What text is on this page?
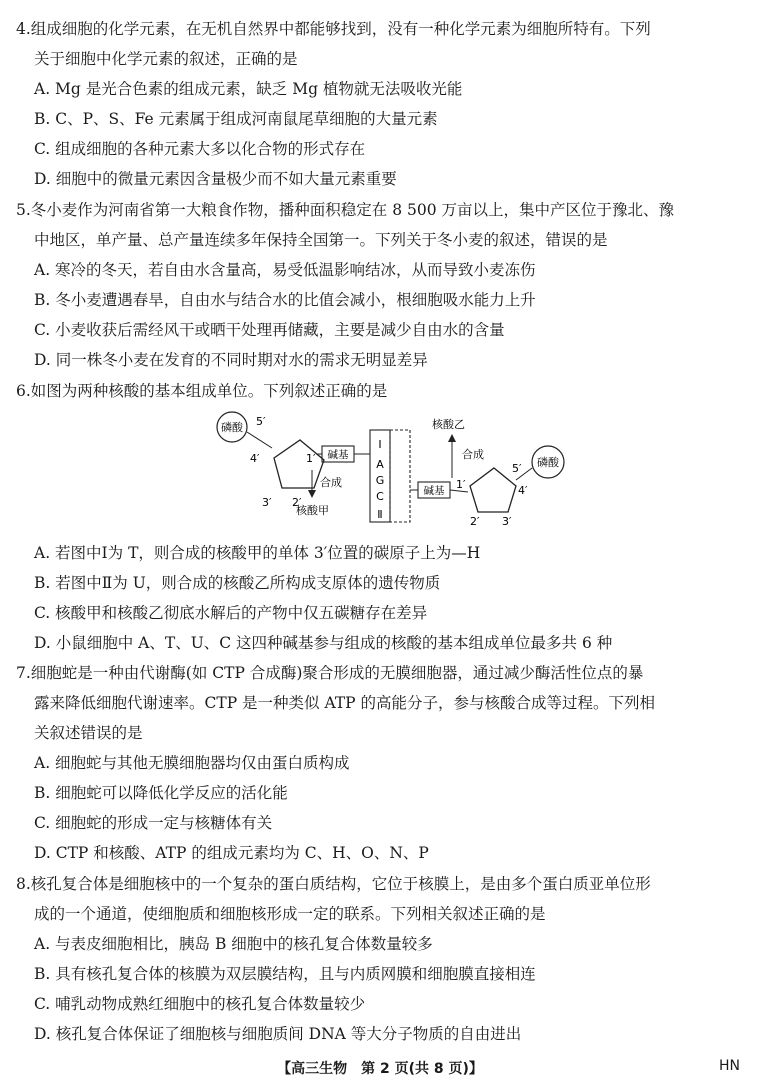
4.组成细胞的化学元素，在无机自然界中都能够找到，没有一种化学元素为细胞所特有。下列
关于细胞中化学元素的叙述，正确的是
A. Mg 是光合色素的组成元素，缺乏 Mg 植物就无法吸收光能
B. C、P、S、Fe 元素属于组成河南鼠尾草细胞的大量元素
C. 组成细胞的各种元素大多以化合物的形式存在
D. 细胞中的微量元素因含量极少而不如大量元素重要
5.冬小麦作为河南省第一大粮食作物，播种面积稳定在 8 500 万亩以上，集中产区位于豫北、豫
中地区，单产量、总产量连续多年保持全国第一。下列关于冬小麦的叙述，错误的是
A. 寒冷的冬天，若自由水含量高，易受低温影响结冰，从而导致小麦冻伤
B. 冬小麦遭遇春旱，自由水与结合水的比值会减小，根细胞吸水能力上升
C. 小麦收获后需经风干或晒干处理再储藏，主要是减少自由水的含量
D. 同一株冬小麦在发育的不同时期对水的需求无明显差异
6.如图为两种核酸的基本组成单位。下列叙述正确的是
磷酸 5′
4′
3′ 2′
1′ 碱基
合成
核酸甲
Ⅰ
A
G
C
Ⅱ
碱基 1′
2′ 3′
4′
5′ 磷酸
合成
核酸乙
A. 若图中Ⅰ为 T，则合成的核酸甲的单体 3′位置的碳原子上为—H
B. 若图中Ⅱ为 U，则合成的核酸乙所构成支原体的遗传物质
C. 核酸甲和核酸乙彻底水解后的产物中仅五碳糖存在差异
D. 小鼠细胞中 A、T、U、C 这四种碱基参与组成的核酸的基本组成单位最多共 6 种
7.细胞蛇是一种由代谢酶(如 CTP 合成酶)聚合形成的无膜细胞器，通过减少酶活性位点的暴
露来降低细胞代谢速率。CTP 是一种类似 ATP 的高能分子，参与核酸合成等过程。下列相
关叙述错误的是
A. 细胞蛇与其他无膜细胞器均仅由蛋白质构成
B. 细胞蛇可以降低化学反应的活化能
C. 细胞蛇的形成一定与核糖体有关
D. CTP 和核酸、ATP 的组成元素均为 C、H、O、N、P
8.核孔复合体是细胞核中的一个复杂的蛋白质结构，它位于核膜上，是由多个蛋白质亚单位形
成的一个通道，使细胞质和细胞核形成一定的联系。下列相关叙述正确的是
A. 与表皮细胞相比，胰岛 B 细胞中的核孔复合体数量较多
B. 具有核孔复合体的核膜为双层膜结构，且与内质网膜和细胞膜直接相连
C. 哺乳动物成熟红细胞中的核孔复合体数量较少
D. 核孔复合体保证了细胞核与细胞质间 DNA 等大分子物质的自由进出
【高三生物　第 2 页(共 8 页)】	HN
